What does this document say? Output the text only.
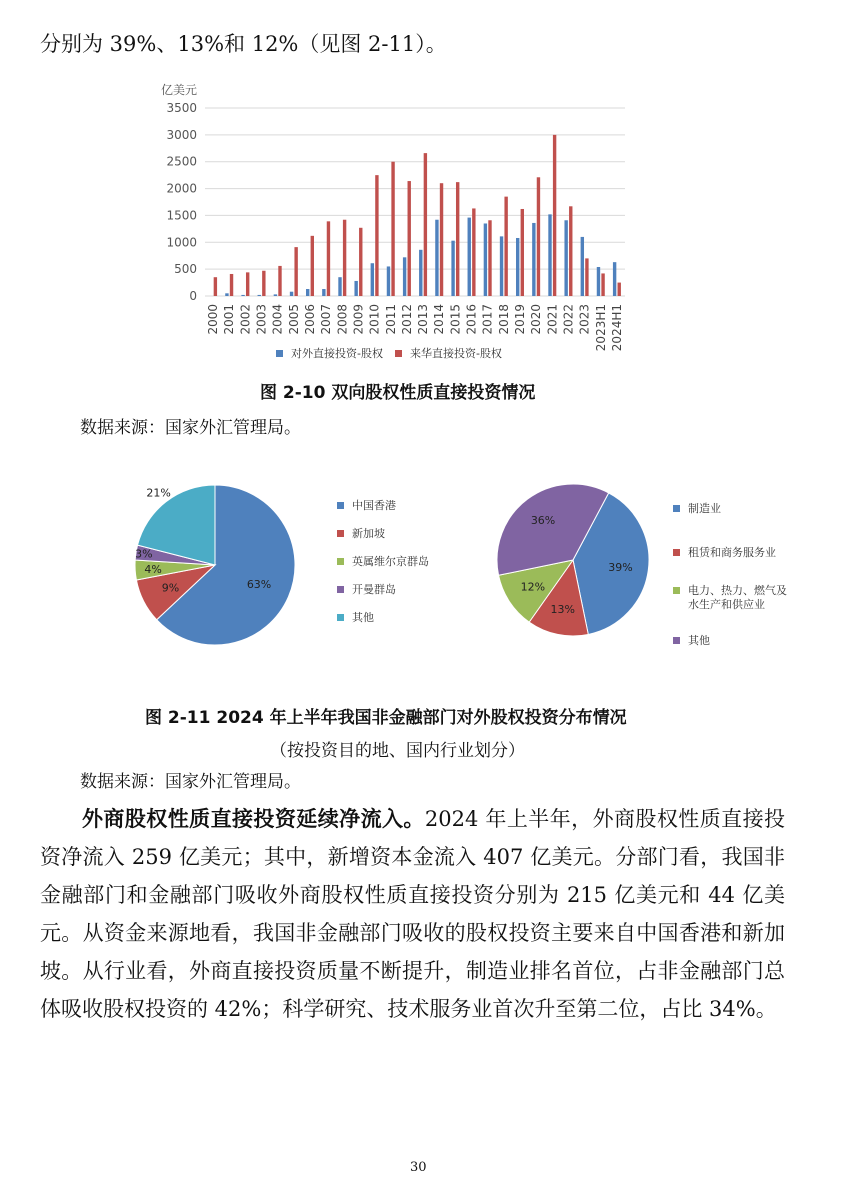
分别为 39%、13%和 12%（见图 2-11）。
0
500
1000
1500
2000
2500
3000
3500
2000 2001 2002 2003 2004 2005 2006 2007 2008 2009 2010 2011 2012 2013 2014 2015 2016 2017 2018 2019 2020 2021 2022 2023 2023H1 2024H1
亿美元
对外直接投资-股权 来华直接投资-股权
图 2-10 双向股权性质直接投资情况
数据来源：国家外汇管理局。
63%
9%
4%
3%
21%
中国香港
新加坡
英属维尔京群岛
开曼群岛
其他
39%
13%
12%
36%
制造业
租赁和商务服务业
电力、热力、燃气及
水生产和供应业
其他
图 2-11 2024 年上半年我国非金融部门对外股权投资分布情况
（按投资目的地、国内行业划分）
数据来源：国家外汇管理局。

外商股权性质直接投资延续净流入。2024 年上半年，外商股权性质直接投资净流入 259 亿美元；其中，新增资本金流入 407 亿美元。分部门看，我国非金融部门和金融部门吸收外商股权性质直接投资分别为 215 亿美元和 44 亿美元。从资金来源地看，我国非金融部门吸收的股权投资主要来自中国香港和新加坡。从行业看，外商直接投资质量不断提升，制造业排名首位，占非金融部门总体吸收股权投资的 42%；科学研究、技术服务业首次升至第二位，占比 34%。

30
